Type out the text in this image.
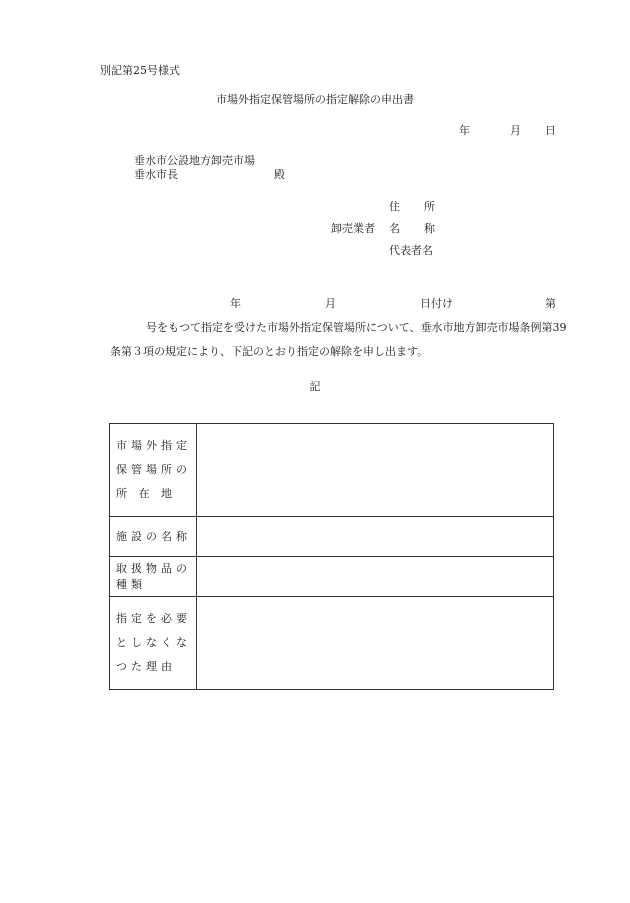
別記第25号様式
市場外指定保管場所の指定解除の申出書
年	月 日
垂水市公設地方卸売市場
垂水市長	殿
卸売業者
住 所
名 称
代表者名
年	月	日付け	第号をもつて指定を受けた市場外指定保管場所について、垂水市地方卸売市場条例第39条第３項の規定により、下記のとおり指定の解除を申し出ます。
記
市場外指定
保管場所の
所 在 地	

施設の名称	

取扱物品の
種類	

指定を必要
としなくな
つた理由	
